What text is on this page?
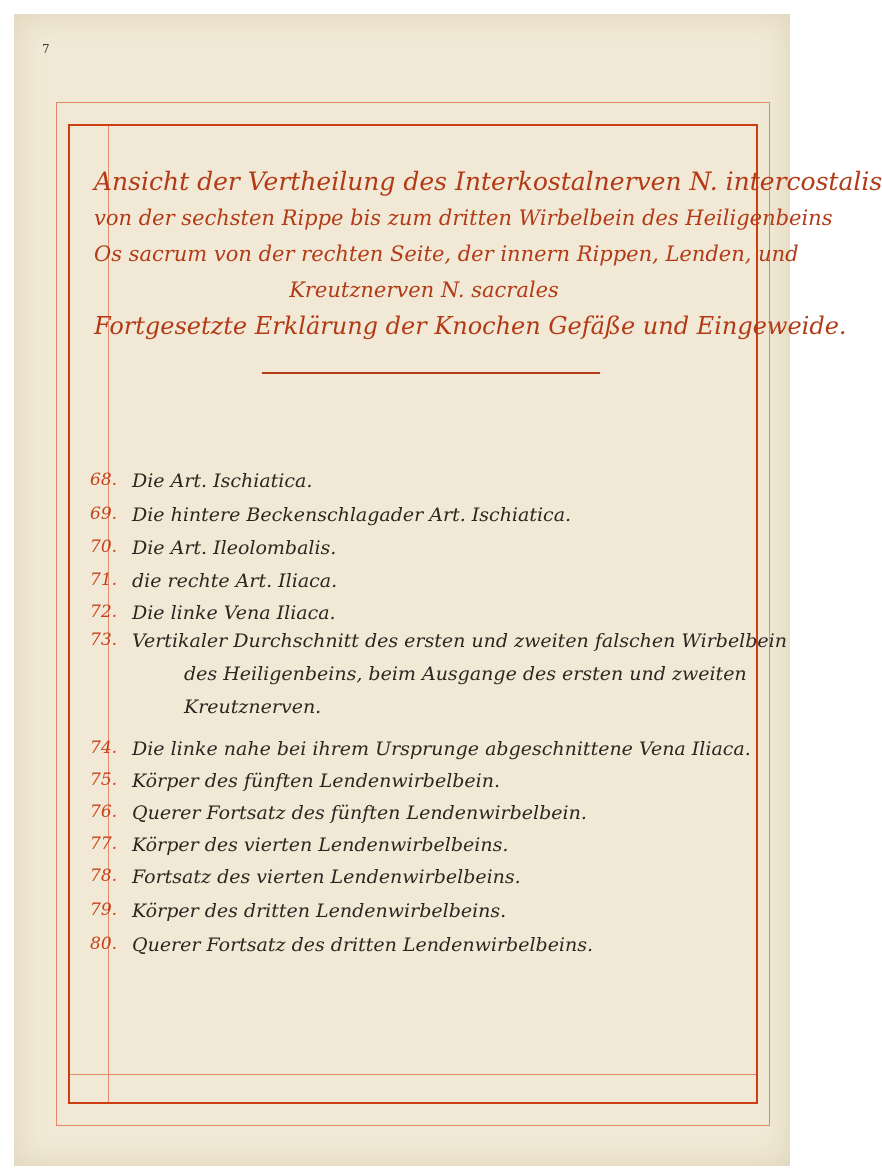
7
Ansicht der Vertheilung des Interkostalnerven N. intercostalis
von der sechsten Rippe bis zum dritten Wirbelbein des Heiligenbeins
Os sacrum von der rechten Seite, der innern Rippen, Lenden, und
Kreutznerven N. sacrales
Fortgesetzte Erklärung der Knochen Gefäße und Eingeweide.
68. Die Art. Ischiatica.
69. Die hintere Beckenschlagader Art. Ischiatica.
70. Die Art. Ileolombalis.
71. die rechte Art. Iliaca.
72. Die linke Vena Iliaca.
73. Vertikaler Durchschnitt des ersten und zweiten falschen Wirbelbein
des Heiligenbeins, beim Ausgange des ersten und zweiten
Kreutznerven.
74. Die linke nahe bei ihrem Ursprunge abgeschnittene Vena Iliaca.
75. Körper des fünften Lendenwirbelbein.
76. Querer Fortsatz des fünften Lendenwirbelbein.
77. Körper des vierten Lendenwirbelbeins.
78. Fortsatz des vierten Lendenwirbelbeins.
79. Körper des dritten Lendenwirbelbeins.
80. Querer Fortsatz des dritten Lendenwirbelbeins.
